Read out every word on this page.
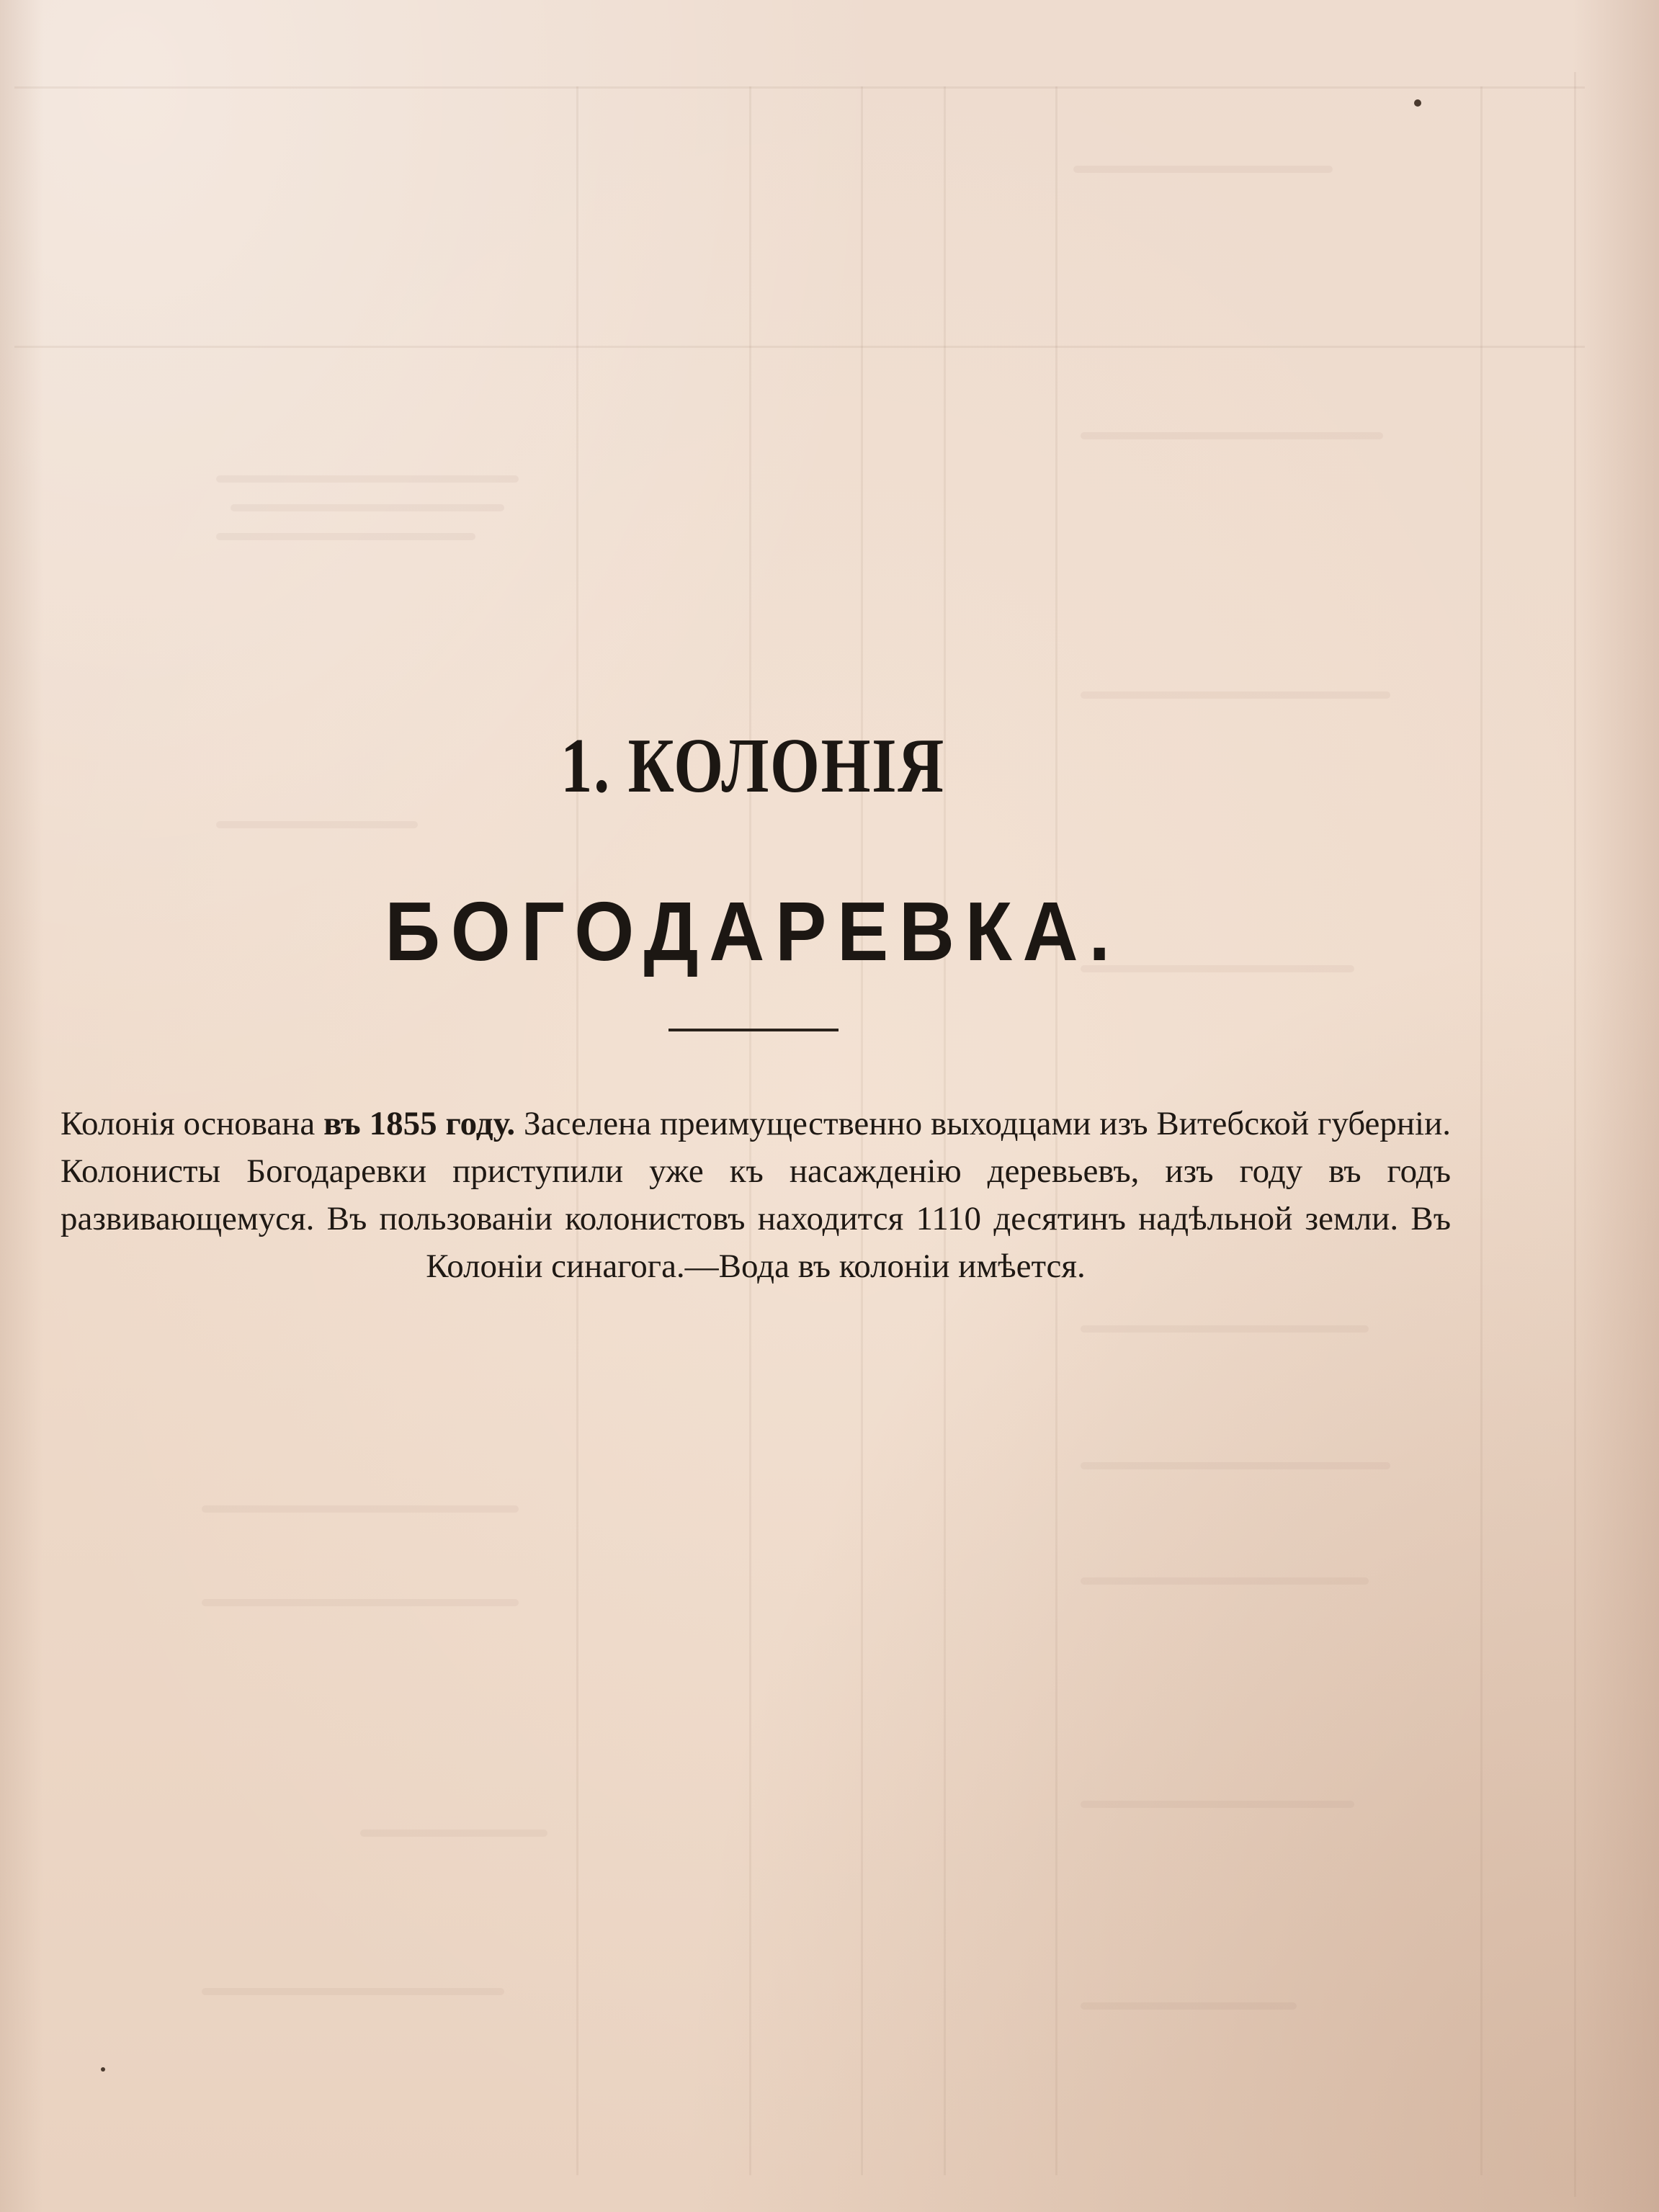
1. КОЛОНІЯ
БОГОДАРЕВКА.

Колонія основана въ 1855 году. Заселена преимущественно выходцами изъ Витебской губерніи. Колонисты Богодаревки приступили уже къ насажденію деревьевъ, изъ году въ годъ развивающемуся. Въ пользованіи колонистовъ находится 1110 десятинъ надѣльной земли. Въ Колоніи синагога.—Вода въ колоніи имѣется.
